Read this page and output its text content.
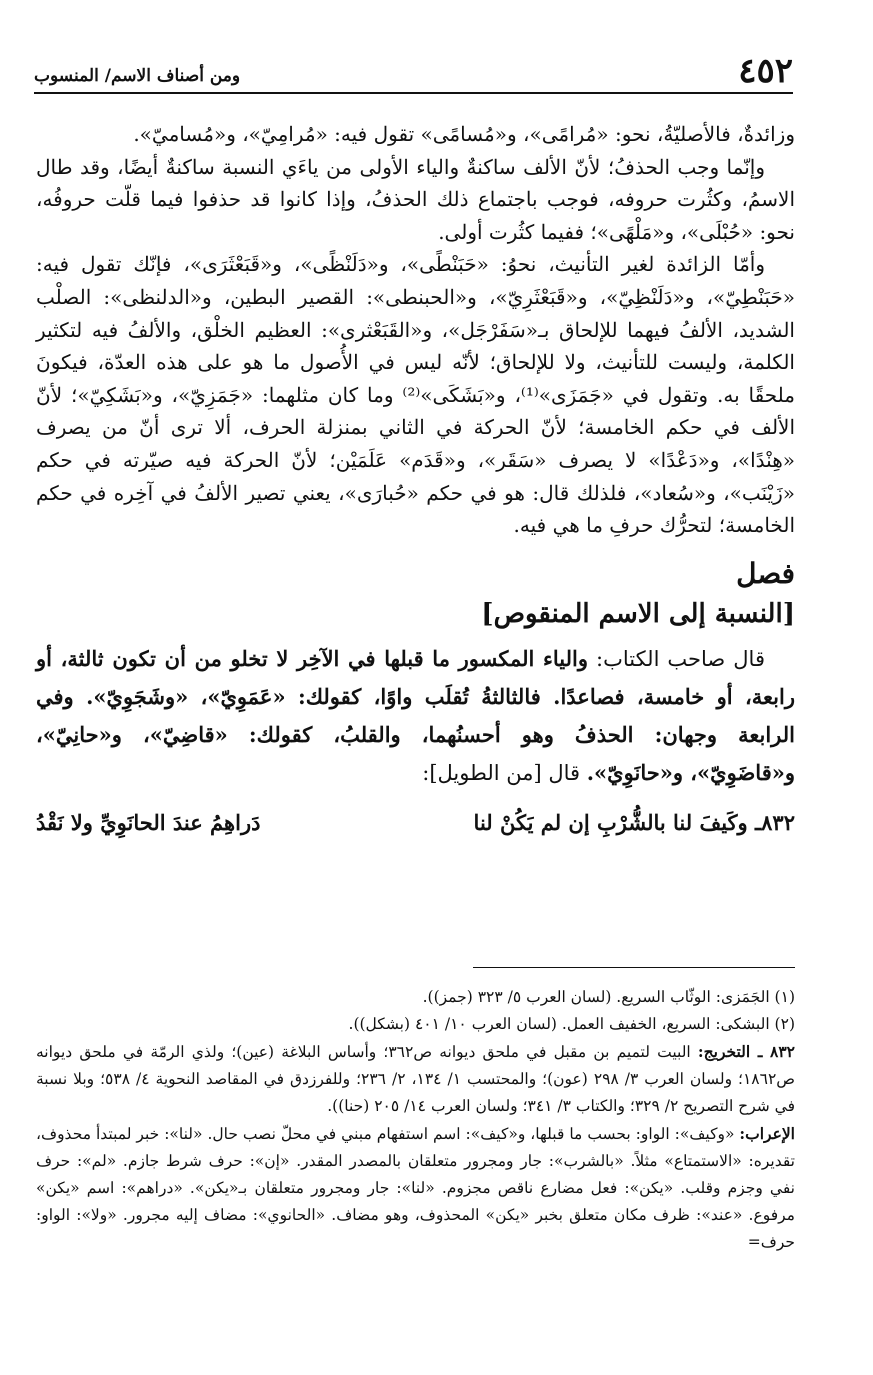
٤٥٢
ومن أصناف الاسم/ المنسوب

وزائدةٌ، فالأصليّةُ، نحو: «مُرامًى»، و«مُسامًى» تقول فيه: «مُرامِيّ»، و«مُساميّ».

وإنّما وجب الحذفُ؛ لأنّ الألف ساكنةٌ والياء الأولى من ياءَي النسبة ساكنةٌ أيضًا، وقد طال الاسمُ، وكثُرت حروفه، فوجب باجتماع ذلك الحذفُ، وإذا كانوا قد حذفوا فيما قلّت حروفُه، نحو: «حُبْلَى»، و«مَلْهًى»؛ ففيما كثُرت أولى.

وأمّا الزائدة لغير التأنيث، نحوُ: «حَبَنْطًى»، و«دَلَنْظًى»، و«قَبَعْثَرَى»، فإنّك تقول فيه: «حَبَنْطِيّ»، و«دَلَنْظِيّ»، و«قَبَعْثَرِيّ»، و«الحبنطى»: القصير البطين، و«الدلنظى»: الصلْب الشديد، الألفُ فيهما للإلحاق بـ«سَفَرْجَل»، و«القَبَعْثرى»: العظيم الخلْق، والألفُ فيه لتكثير الكلمة، وليست للتأنيث، ولا للإلحاق؛ لأنّه ليس في الأُصول ما هو على هذه العدّة، فيكونَ ملحقًا به. وتقول في «جَمَزَى»⁽¹⁾، و«بَشَكَى»⁽²⁾ وما كان مثلهما: «جَمَزِيّ»، و«بَشَكِيّ»؛ لأنّ الألف في حكم الخامسة؛ لأنّ الحركة في الثاني بمنزلة الحرف، ألا ترى أنّ من يصرف «هِنْدًا»، و«دَعْدًا» لا يصرف «سَقَر»، و«قَدَم» عَلَمَيْن؛ لأنّ الحركة فيه صيّرته في حكم «زَيْنَب»، و«سُعاد»، فلذلك قال: هو في حكم «حُبارَى»، يعني تصير الألفُ في آخِره في حكم الخامسة؛ لتحرُّك حرفِ ما هي فيه.

فصل
[النسبة إلى الاسم المنقوص]

قال صاحب الكتاب: والياء المكسور ما قبلها في الآخِر لا تخلو من أن تكون ثالثة، أو رابعة، أو خامسة، فصاعدًا. فالثالثةُ تُقلَب واوًا، كقولك: «عَمَوِيّ»، «وشَجَوِيّ». وفي الرابعة وجهان: الحذفُ وهو أحسنُهما، والقلبُ، كقولك: «قاضِيّ»، و«حانِيّ»، و«قاضَوِيّ»، و«حانَوِيّ». قال [من الطويل]:

٨٣٢ـ وكَيفَ لنا بالشُّرْبِ إن لم يَكُنْ لنا
دَراهِمُ عندَ الحانَوِيِّ ولا نَقْدُ

(١) الجَمَزى: الوثّاب السريع. (لسان العرب ٥/ ٣٢٣ (جمز)).

(٢) البشكى: السريع، الخفيف العمل. (لسان العرب ١٠/ ٤٠١ (بشكل)).

٨٣٢ ـ التخريج: البيت لتميم بن مقبل في ملحق ديوانه ص٣٦٢؛ وأساس البلاغة (عين)؛ ولذي الرمّة في ملحق ديوانه ص١٨٦٢؛ ولسان العرب ٣/ ٢٩٨ (عون)؛ والمحتسب ١/ ١٣٤، ٢/ ٢٣٦؛ وللفرزدق في المقاصد النحوية ٤/ ٥٣٨؛ وبلا نسبة في شرح التصريح ٢/ ٣٢٩؛ والكتاب ٣/ ٣٤١؛ ولسان العرب ١٤/ ٢٠٥ (حنا)).

الإعراب: «وكيف»: الواو: بحسب ما قبلها، و«كيف»: اسم استفهام مبني في محلّ نصب حال. «لنا»: خبر لمبتدأ محذوف، تقديره: «الاستمتاع» مثلاً. «بالشرب»: جار ومجرور متعلقان بالمصدر المقدر. «إن»: حرف شرط جازم. «لم»: حرف نفي وجزم وقلب. «يكن»: فعل مضارع ناقص مجزوم. «لنا»: جار ومجرور متعلقان بـ«يكن». «دراهم»: اسم «يكن» مرفوع. «عند»: ظرف مكان متعلق بخبر «يكن» المحذوف، وهو مضاف. «الحانوي»: مضاف إليه مجرور. «ولا»: الواو: حرف=
